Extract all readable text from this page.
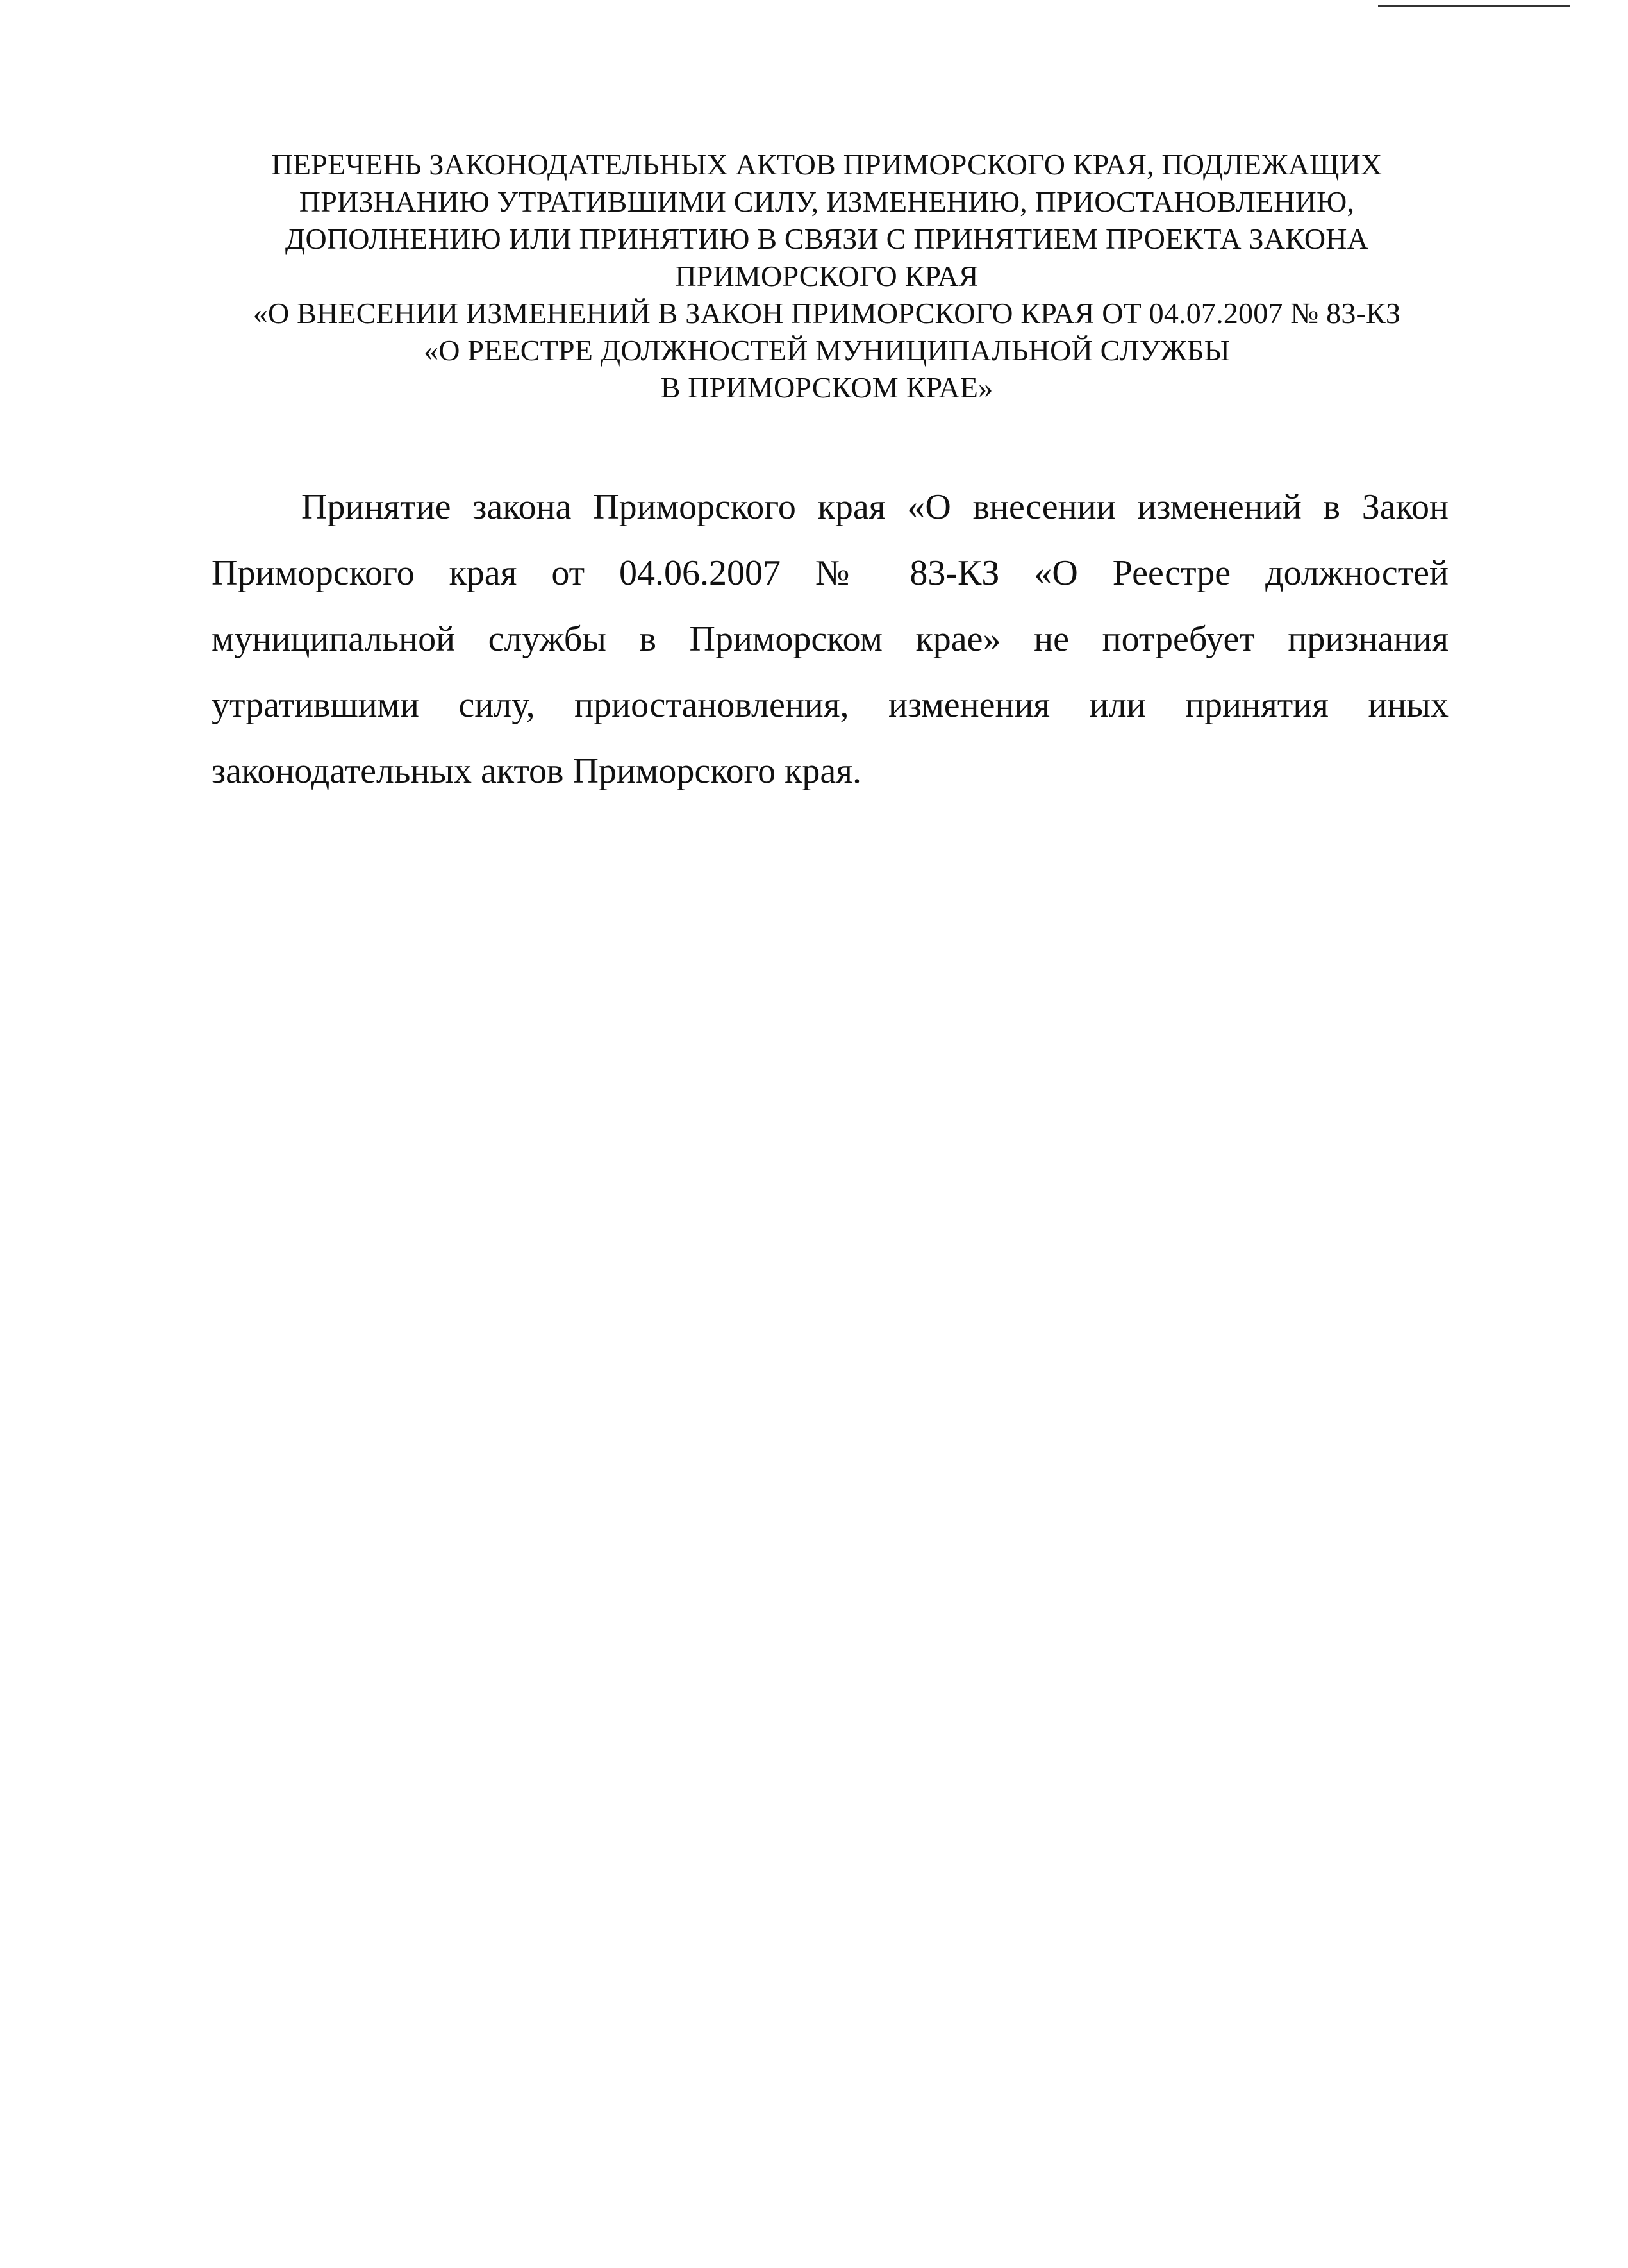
ПЕРЕЧЕНЬ ЗАКОНОДАТЕЛЬНЫХ АКТОВ ПРИМОРСКОГО КРАЯ, ПОДЛЕЖАЩИХ
ПРИЗНАНИЮ УТРАТИВШИМИ СИЛУ, ИЗМЕНЕНИЮ, ПРИОСТАНОВЛЕНИЮ,
ДОПОЛНЕНИЮ ИЛИ ПРИНЯТИЮ В СВЯЗИ С ПРИНЯТИЕМ ПРОЕКТА ЗАКОНА
ПРИМОРСКОГО КРАЯ
«О ВНЕСЕНИИ ИЗМЕНЕНИЙ В ЗАКОН ПРИМОРСКОГО КРАЯ ОТ 04.07.2007 № 83-КЗ
«О РЕЕСТРЕ ДОЛЖНОСТЕЙ МУНИЦИПАЛЬНОЙ СЛУЖБЫ
В ПРИМОРСКОМ КРАЕ»

Принятие закона Приморского края «О внесении изменений в Закон Приморского края от 04.06.2007 № 83-КЗ «О Реестре должностей муниципальной службы в Приморском крае» не потребует признания утратившими силу, приостановления, изменения или принятия иных законодательных актов Приморского края.
